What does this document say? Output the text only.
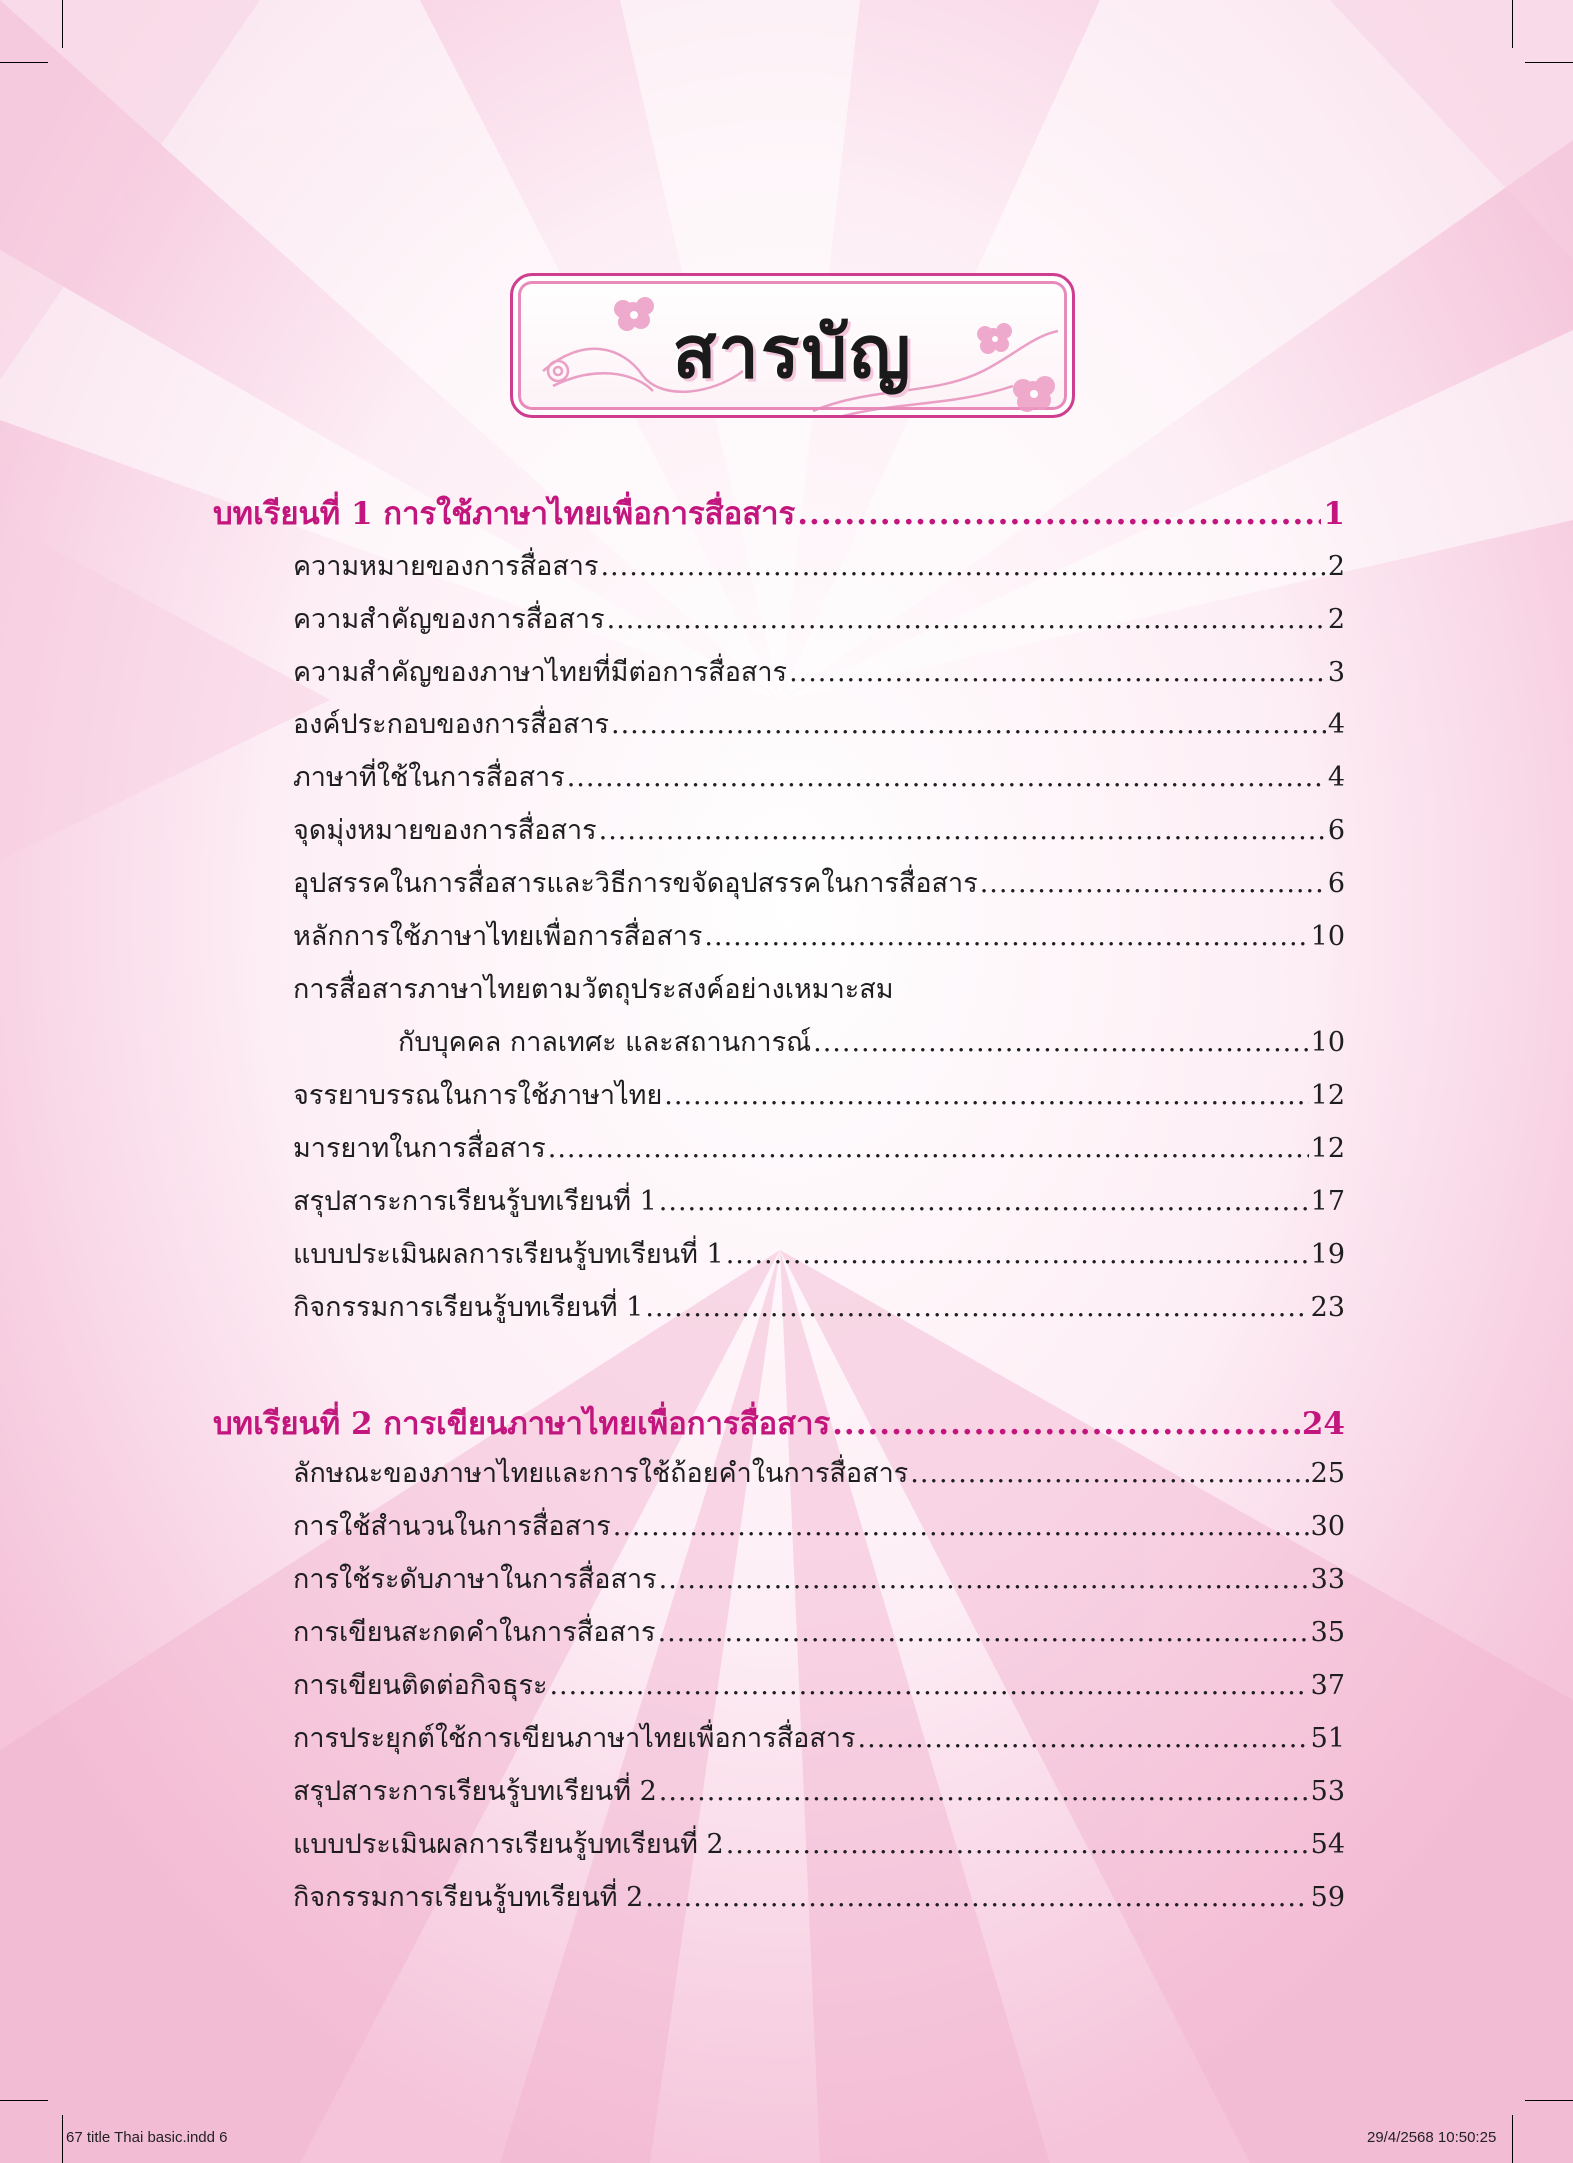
สารบัญ
บทเรียนที่ 1 การใช้ภาษาไทยเพื่อการสื่อสาร .....	1
ความหมายของการสื่อสาร .....	2
ความสำคัญของการสื่อสาร .....	2
ความสำคัญของภาษาไทยที่มีต่อการสื่อสาร .....	3
องค์ประกอบของการสื่อสาร .....	4
ภาษาที่ใช้ในการสื่อสาร .....	4
จุดมุ่งหมายของการสื่อสาร .....	6
อุปสรรคในการสื่อสารและวิธีการขจัดอุปสรรคในการสื่อสาร .....	6
หลักการใช้ภาษาไทยเพื่อการสื่อสาร .....	10
การสื่อสารภาษาไทยตามวัตถุประสงค์อย่างเหมาะสม
กับบุคคล กาลเทศะ และสถานการณ์ .....	10
จรรยาบรรณในการใช้ภาษาไทย .....	12
มารยาทในการสื่อสาร .....	12
สรุปสาระการเรียนรู้บทเรียนที่ 1 .....	17
แบบประเมินผลการเรียนรู้บทเรียนที่ 1 .....	19
กิจกรรมการเรียนรู้บทเรียนที่ 1 .....	23
บทเรียนที่ 2 การเขียนภาษาไทยเพื่อการสื่อสาร .....	24
ลักษณะของภาษาไทยและการใช้ถ้อยคำในการสื่อสาร .....	25
การใช้สำนวนในการสื่อสาร .....	30
การใช้ระดับภาษาในการสื่อสาร .....	33
การเขียนสะกดคำในการสื่อสาร .....	35
การเขียนติดต่อกิจธุระ .....	37
การประยุกต์ใช้การเขียนภาษาไทยเพื่อการสื่อสาร .....	51
สรุปสาระการเรียนรู้บทเรียนที่ 2 .....	53
แบบประเมินผลการเรียนรู้บทเรียนที่ 2 .....	54
กิจกรรมการเรียนรู้บทเรียนที่ 2 .....	59
67 title Thai basic.indd 6	29/4/2568 10:50:25
